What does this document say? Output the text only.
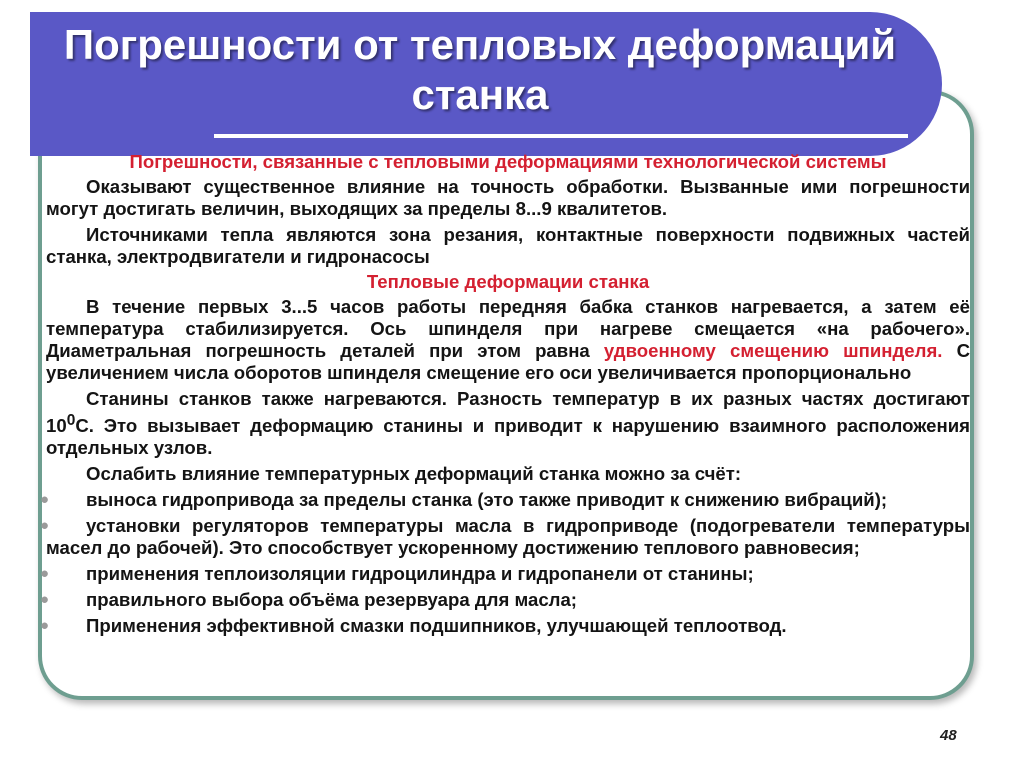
Погрешности от тепловых деформаций станка
Погрешности, связанные с тепловыми деформациями технологической системы

Оказывают существенное влияние на точность обработки. Вызванные ими погрешности могут достигать величин, выходящих за пределы 8...9 квалитетов.

Источниками тепла являются зона резания, контактные поверхности подвижных частей станка, электродвигатели и гидронасосы

Тепловые деформации станка

В течение первых 3...5 часов работы передняя бабка станков нагревается, а затем её температура стабилизируется. Ось шпинделя при нагреве смещается «на рабочего». Диаметральная погрешность деталей при этом равна удвоенному смещению шпинделя. С увеличением числа оборотов шпинделя смещение его оси увеличивается пропорционально

Станины станков также нагреваются. Разность температур в их разных частях достигают $10^0С$. Это вызывает деформацию станины и приводит к нарушению взаимного расположения отдельных узлов.

Ослабить влияние температурных деформаций станка можно за счёт:

●	выноса гидропривода за пределы станка (это также приводит к снижению вибраций);
●	установки регуляторов температуры масла в гидроприводе (подогреватели температуры масел до рабочей). Это способствует ускоренному достижению теплового равновесия;
●	применения теплоизоляции гидроцилиндра и гидропанели от станины;
●	правильного выбора объёма резервуара для масла;
●	Применения эффективной смазки подшипников, улучшающей теплоотвод.
48
